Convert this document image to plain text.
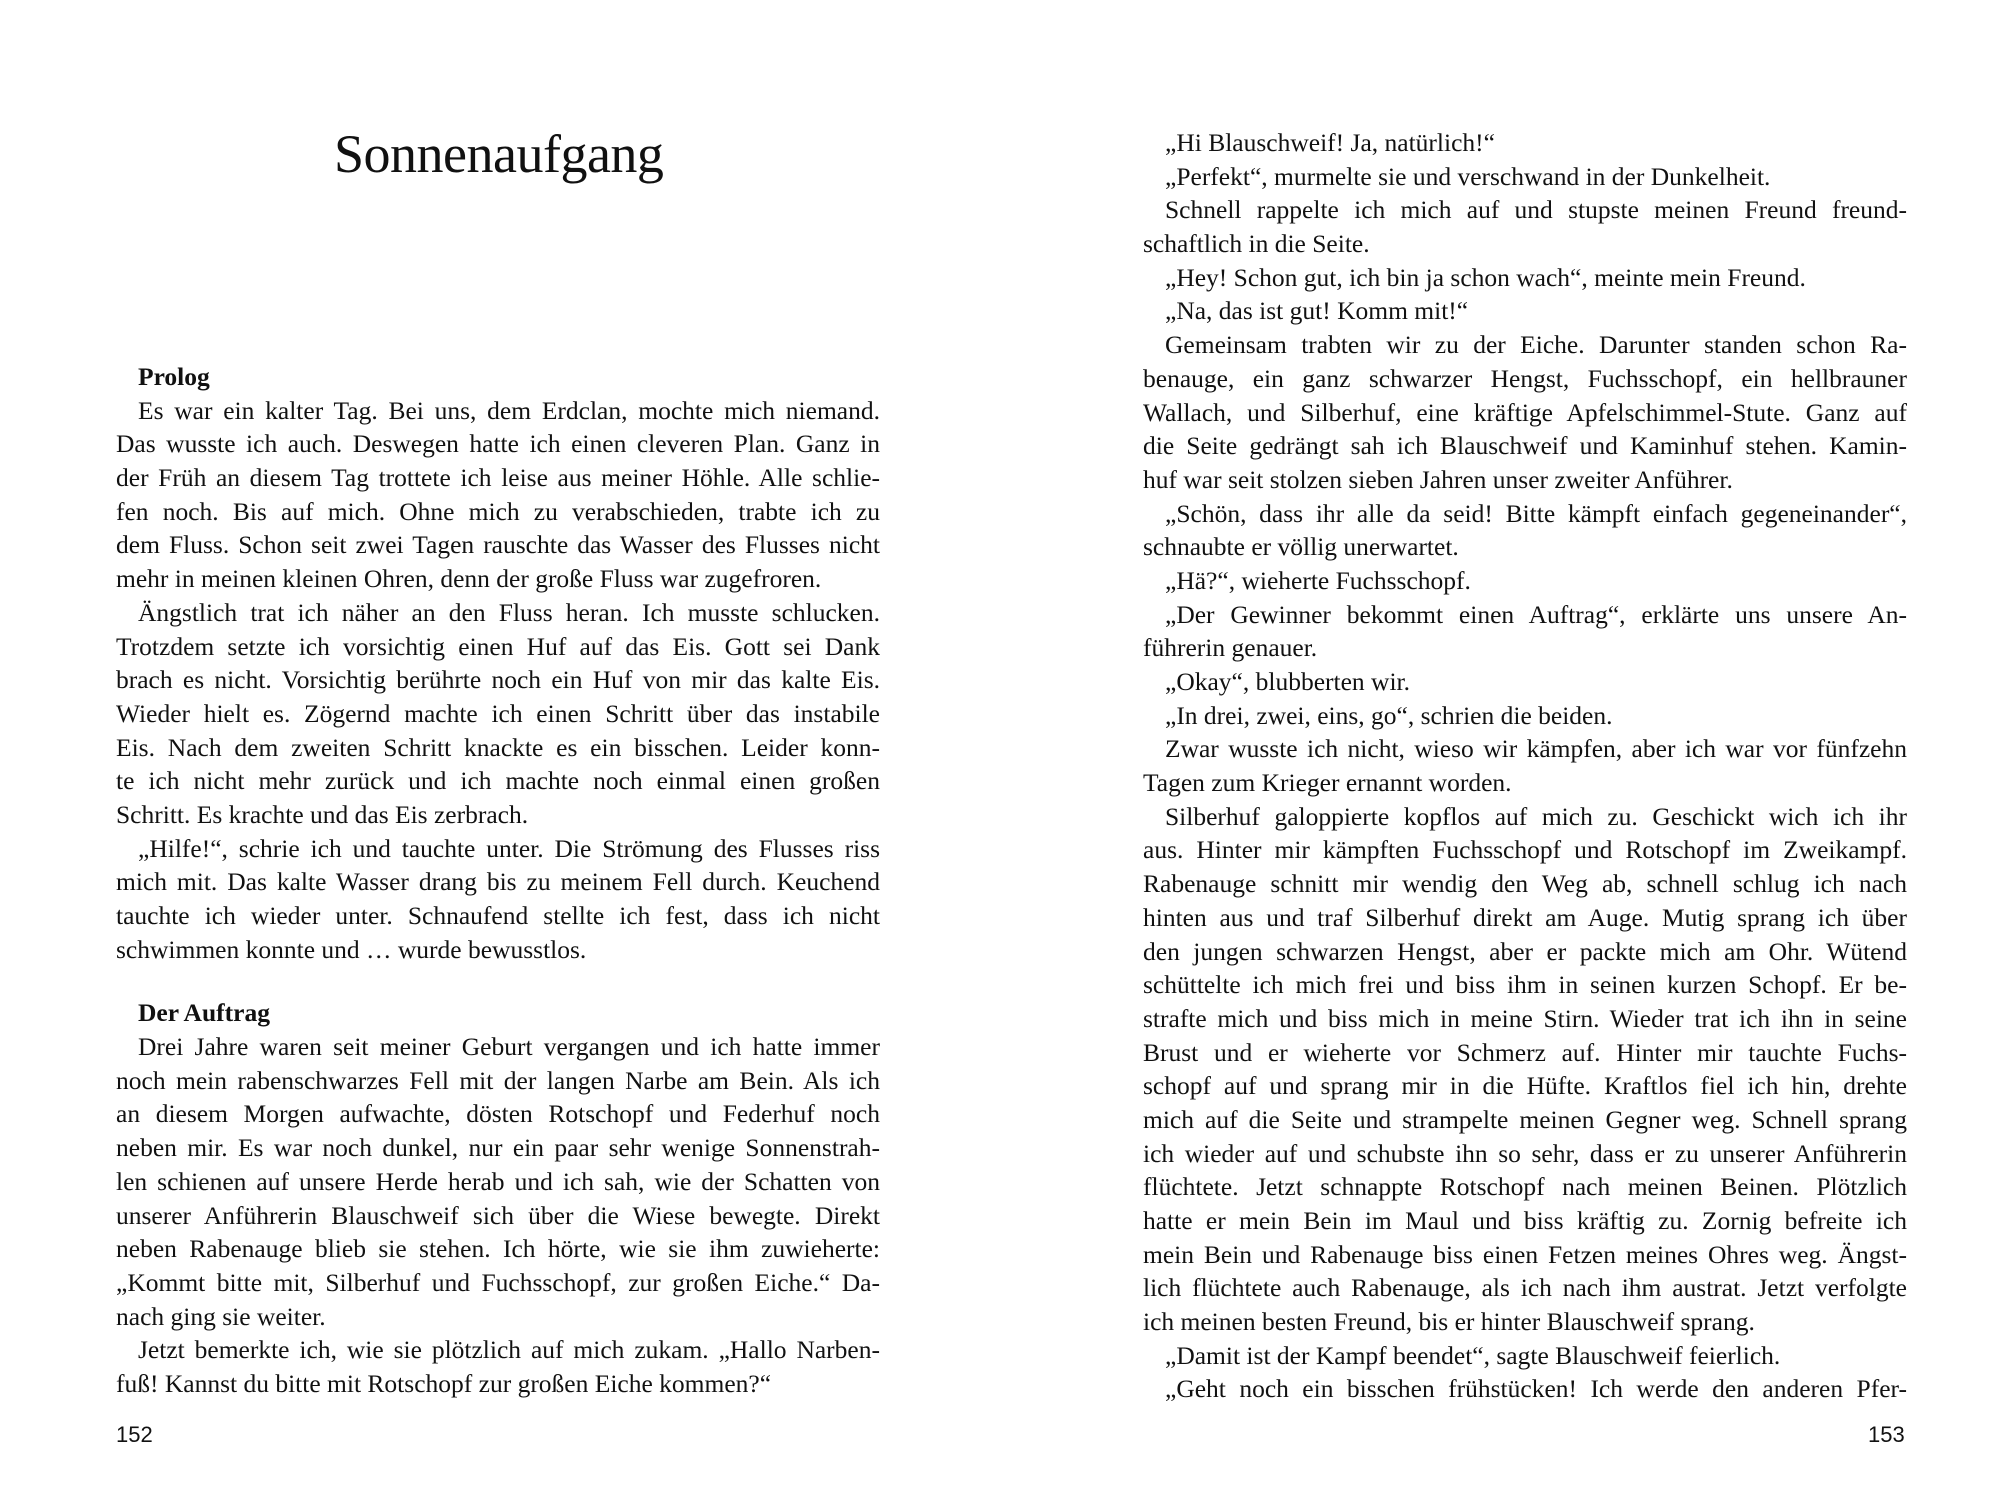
Sonnenaufgang
Prolog
Es war ein kalter Tag. Bei uns, dem Erdclan, mochte mich niemand.
Das wusste ich auch. Deswegen hatte ich einen cleveren Plan. Ganz in
der Früh an diesem Tag trottete ich leise aus meiner Höhle. Alle schlie-
fen noch. Bis auf mich. Ohne mich zu verabschieden, trabte ich zu
dem Fluss. Schon seit zwei Tagen rauschte das Wasser des Flusses nicht
mehr in meinen kleinen Ohren, denn der große Fluss war zugefroren.
Ängstlich trat ich näher an den Fluss heran. Ich musste schlucken.
Trotzdem setzte ich vorsichtig einen Huf auf das Eis. Gott sei Dank
brach es nicht. Vorsichtig berührte noch ein Huf von mir das kalte Eis.
Wieder hielt es. Zögernd machte ich einen Schritt über das instabile
Eis. Nach dem zweiten Schritt knackte es ein bisschen. Leider konn-
te ich nicht mehr zurück und ich machte noch einmal einen großen
Schritt. Es krachte und das Eis zerbrach.
„Hilfe!“, schrie ich und tauchte unter. Die Strömung des Flusses riss
mich mit. Das kalte Wasser drang bis zu meinem Fell durch. Keuchend
tauchte ich wieder unter. Schnaufend stellte ich fest, dass ich nicht
schwimmen konnte und … wurde bewusstlos.
Der Auftrag
Drei Jahre waren seit meiner Geburt vergangen und ich hatte immer
noch mein rabenschwarzes Fell mit der langen Narbe am Bein. Als ich
an diesem Morgen aufwachte, dösten Rotschopf und Federhuf noch
neben mir. Es war noch dunkel, nur ein paar sehr wenige Sonnenstrah-
len schienen auf unsere Herde herab und ich sah, wie der Schatten von
unserer Anführerin Blauschweif sich über die Wiese bewegte. Direkt
neben Rabenauge blieb sie stehen. Ich hörte, wie sie ihm zuwieherte:
„Kommt bitte mit, Silberhuf und Fuchsschopf, zur großen Eiche.“ Da-
nach ging sie weiter.
Jetzt bemerkte ich, wie sie plötzlich auf mich zukam. „Hallo Narben-
fuß! Kannst du bitte mit Rotschopf zur großen Eiche kommen?“
152
„Hi Blauschweif! Ja, natürlich!“
„Perfekt“, murmelte sie und verschwand in der Dunkelheit.
Schnell rappelte ich mich auf und stupste meinen Freund freund-
schaftlich in die Seite.
„Hey! Schon gut, ich bin ja schon wach“, meinte mein Freund.
„Na, das ist gut! Komm mit!“
Gemeinsam trabten wir zu der Eiche. Darunter standen schon Ra-
benauge, ein ganz schwarzer Hengst, Fuchsschopf, ein hellbrauner
Wallach, und Silberhuf, eine kräftige Apfelschimmel-Stute. Ganz auf
die Seite gedrängt sah ich Blauschweif und Kaminhuf stehen. Kamin-
huf war seit stolzen sieben Jahren unser zweiter Anführer.
„Schön, dass ihr alle da seid! Bitte kämpft einfach gegeneinander“,
schnaubte er völlig unerwartet.
„Hä?“, wieherte Fuchsschopf.
„Der Gewinner bekommt einen Auftrag“, erklärte uns unsere An-
führerin genauer.
„Okay“, blubberten wir.
„In drei, zwei, eins, go“, schrien die beiden.
Zwar wusste ich nicht, wieso wir kämpfen, aber ich war vor fünfzehn
Tagen zum Krieger ernannt worden.
Silberhuf galoppierte kopflos auf mich zu. Geschickt wich ich ihr
aus. Hinter mir kämpften Fuchsschopf und Rotschopf im Zweikampf.
Rabenauge schnitt mir wendig den Weg ab, schnell schlug ich nach
hinten aus und traf Silberhuf direkt am Auge. Mutig sprang ich über
den jungen schwarzen Hengst, aber er packte mich am Ohr. Wütend
schüttelte ich mich frei und biss ihm in seinen kurzen Schopf. Er be-
strafte mich und biss mich in meine Stirn. Wieder trat ich ihn in seine
Brust und er wieherte vor Schmerz auf. Hinter mir tauchte Fuchs-
schopf auf und sprang mir in die Hüfte. Kraftlos fiel ich hin, drehte
mich auf die Seite und strampelte meinen Gegner weg. Schnell sprang
ich wieder auf und schubste ihn so sehr, dass er zu unserer Anführerin
flüchtete. Jetzt schnappte Rotschopf nach meinen Beinen. Plötzlich
hatte er mein Bein im Maul und biss kräftig zu. Zornig befreite ich
mein Bein und Rabenauge biss einen Fetzen meines Ohres weg. Ängst-
lich flüchtete auch Rabenauge, als ich nach ihm austrat. Jetzt verfolgte
ich meinen besten Freund, bis er hinter Blauschweif sprang.
„Damit ist der Kampf beendet“, sagte Blauschweif feierlich.
„Geht noch ein bisschen frühstücken! Ich werde den anderen Pfer-
153
